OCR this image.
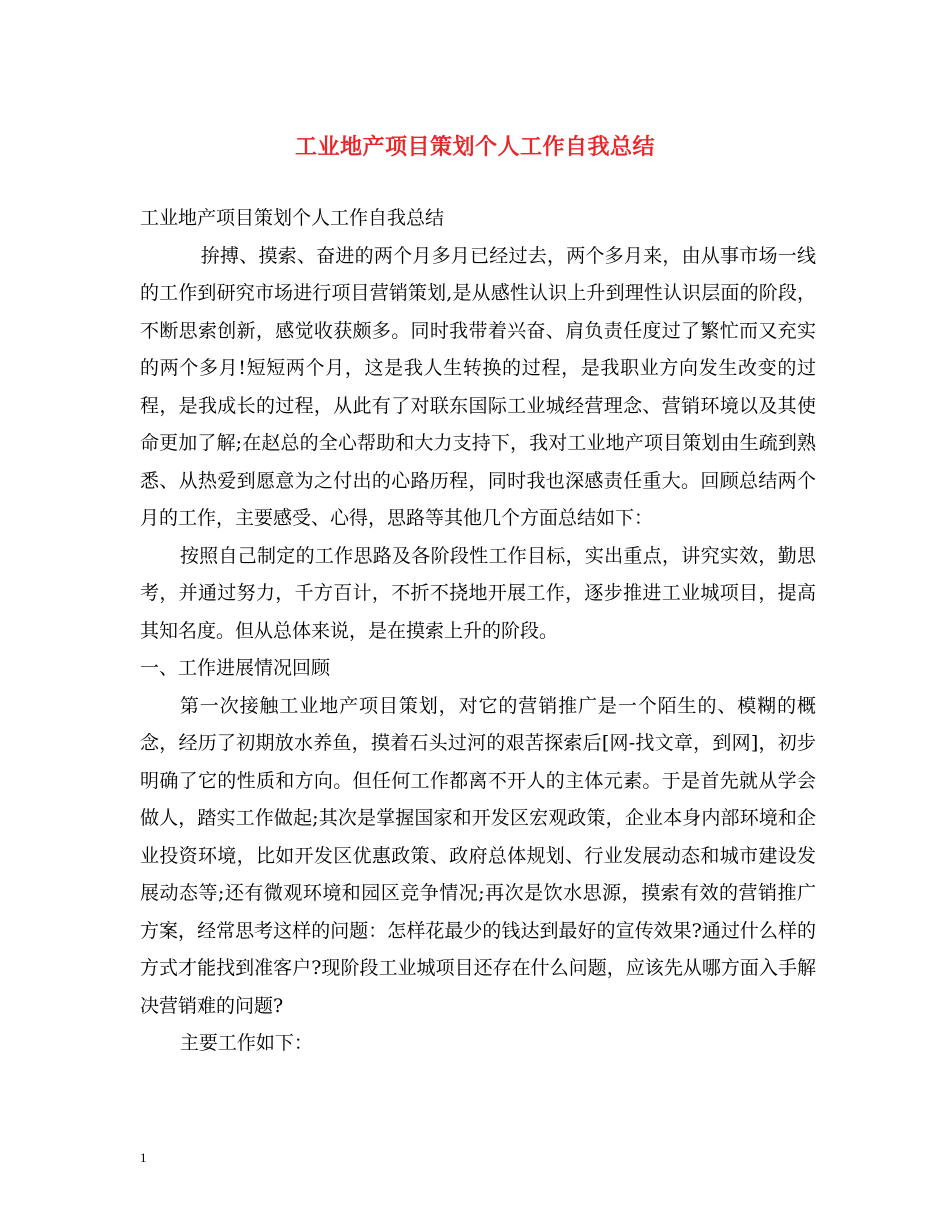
工业地产项目策划个人工作自我总结

工业地产项目策划个人工作自我总结

拚搏、摸索、奋进的两个月多月已经过去，两个多月来，由从事市场一线的工作到研究市场进行项目营销策划,是从感性认识上升到理性认识层面的阶段，不断思索创新，感觉收获颇多。同时我带着兴奋、肩负责任度过了繁忙而又充实的两个多月!短短两个月，这是我人生转换的过程，是我职业方向发生改变的过程，是我成长的过程，从此有了对联东国际工业城经营理念、营销环境以及其使命更加了解;在赵总的全心帮助和大力支持下，我对工业地产项目策划由生疏到熟悉、从热爱到愿意为之付出的心路历程，同时我也深感责任重大。回顾总结两个月的工作，主要感受、心得，思路等其他几个方面总结如下：

按照自己制定的工作思路及各阶段性工作目标，实出重点，讲究实效，勤思考，并通过努力，千方百计，不折不挠地开展工作，逐步推进工业城项目，提高其知名度。但从总体来说，是在摸索上升的阶段。

一、工作进展情况回顾

第一次接触工业地产项目策划，对它的营销推广是一个陌生的、模糊的概念，经历了初期放水养鱼，摸着石头过河的艰苦探索后[网-找文章，到网]，初步明确了它的性质和方向。但任何工作都离不开人的主体元素。于是首先就从学会做人，踏实工作做起;其次是掌握国家和开发区宏观政策，企业本身内部环境和企业投资环境，比如开发区优惠政策、政府总体规划、行业发展动态和城市建设发展动态等;还有微观环境和园区竞争情况;再次是饮水思源，摸索有效的营销推广方案，经常思考这样的问题：怎样花最少的钱达到最好的宣传效果?通过什么样的方式才能找到准客户?现阶段工业城项目还存在什么问题，应该先从哪方面入手解决营销难的问题?

主要工作如下：

1
